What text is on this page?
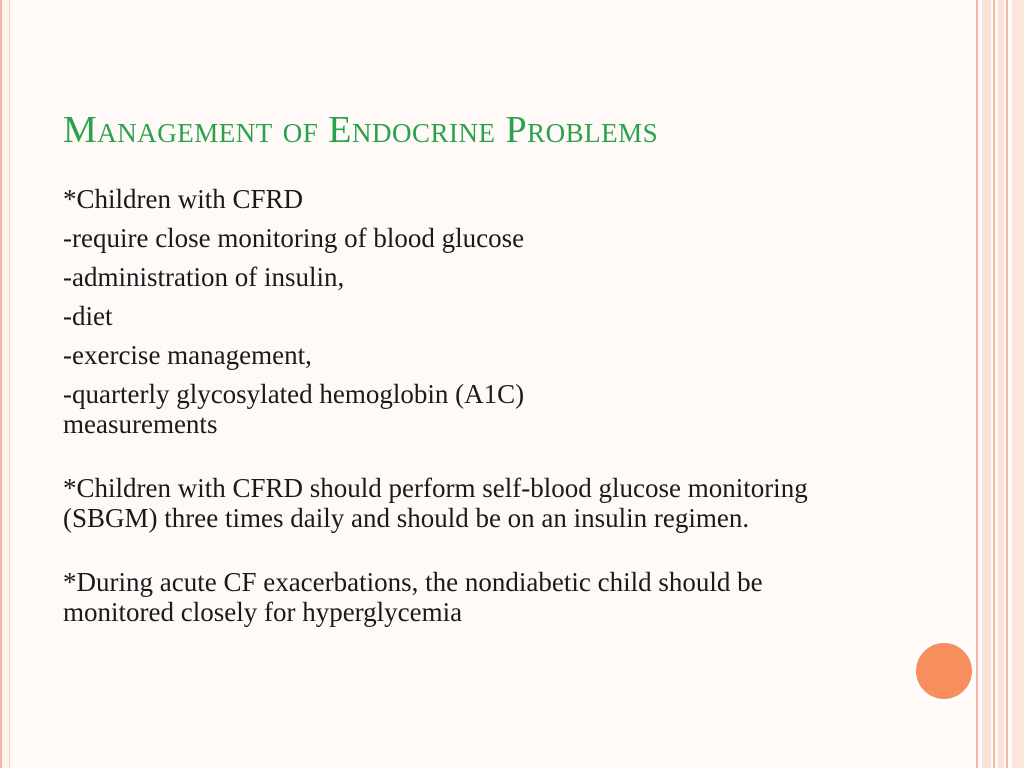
Management of Endocrine Problems

*Children with CFRD

-require close monitoring of blood glucose

-administration of insulin,

-diet

-exercise management,

-quarterly glycosylated hemoglobin (A1C) measurements

*Children with CFRD should perform self-blood glucose monitoring (SBGM) three times daily and should be on an insulin regimen.

*During acute CF exacerbations, the nondiabetic child should be monitored closely for hyperglycemia
